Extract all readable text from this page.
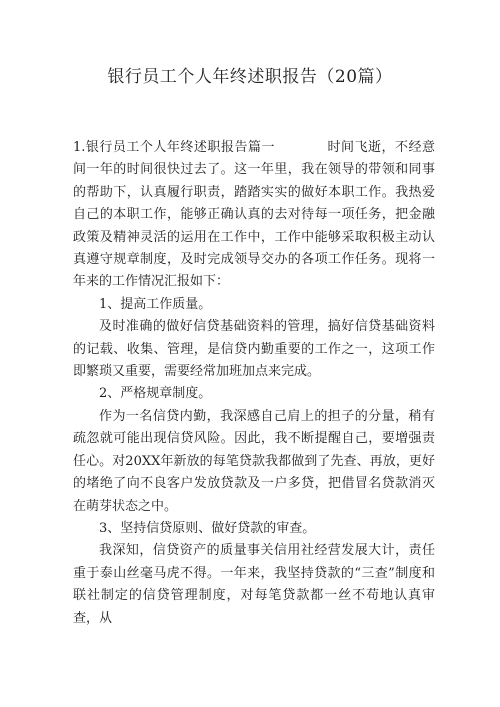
银行员工个人年终述职报告（20篇）

1.银行员工个人年终述职报告篇一	时间飞逝，不经意间一年的时间很快过去了。这一年里，我在领导的带领和同事的帮助下，认真履行职责，踏踏实实的做好本职工作。我热爱自己的本职工作，能够正确认真的去对待每一项任务，把金融政策及精神灵活的运用在工作中，工作中能够采取积极主动认真遵守规章制度，及时完成领导交办的各项工作任务。现将一年来的工作情况汇报如下：

1、提高工作质量。

及时准确的做好信贷基础资料的管理，搞好信贷基础资料的记载、收集、管理，是信贷内勤重要的工作之一，这项工作即繁琐又重要，需要经常加班加点来完成。

2、严格规章制度。

作为一名信贷内勤，我深感自己肩上的担子的分量，稍有疏忽就可能出现信贷风险。因此，我不断提醒自己，要增强责任心。对20XX年新放的每笔贷款我都做到了先查、再放，更好的堵绝了向不良客户发放贷款及一户多贷，把借冒名贷款消灭在萌芽状态之中。

3、坚持信贷原则、做好贷款的审查。

我深知，信贷资产的质量事关信用社经营发展大计，责任重于泰山丝毫马虎不得。一年来，我坚持贷款的“三查”制度和联社制定的信贷管理制度，对每笔贷款都一丝不苟地认真审查，从
